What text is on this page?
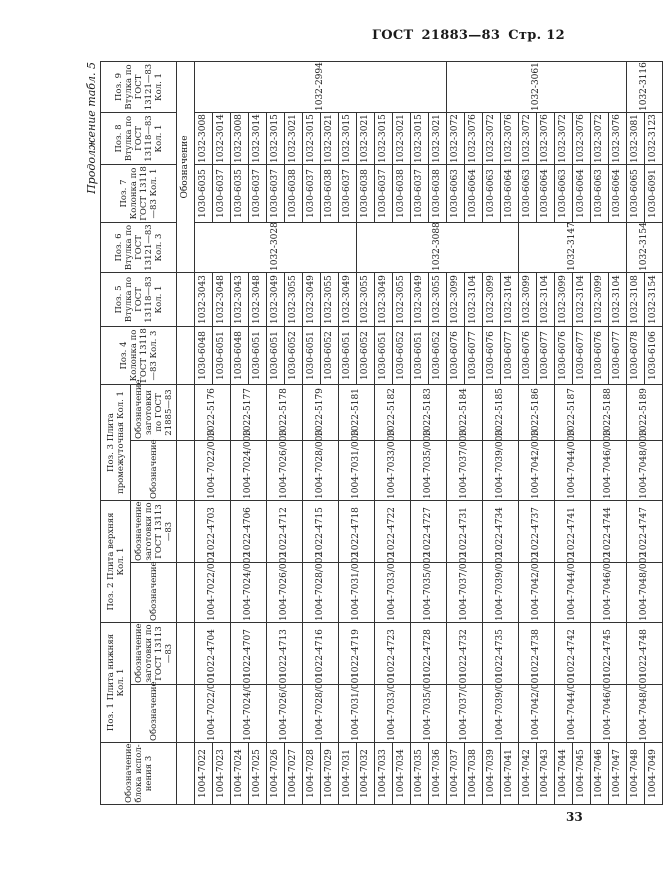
ГОСТ 21883—83 Стр. 12
Продолжение табл. 5
Обозначение блока испол-нения 3	Поз. 1 Плита нижняя Кол. 1		Поз. 2 Плита верхняя Кол. 1		Поз. 3 Плита промежуточная Кол. 1		Поз. 4 Колонка по ГОСТ 13118—83 Кол. 3	Поз. 5 Втулка по ГОСТ 13118—83 Кол. 1	Поз. 6 Втулка по ГОСТ 13121—83 Кол. 3	Поз. 7 Колонка по ГОСТ 13118—83 Кол. 1	Поз. 8 Втулка по ГОСТ 13118—83 Кол. 1	Поз. 9 Втулка по ГОСТ 13121—83 Кол. 1
	Обозначение	Обозначение заготовки по ГОСТ 13113—83	Обозначение	Обозначение заготовки по ГОСТ 13113—83	Обозначение	Обозначение заготовки по ГОСТ 21885—83						
									Обозначение			
1004-7022	1004-7022/001	1022-4704	1004-7022/002	1022-4703	1004-7022/003	1022-5176	1030-6048	1032-3043	1032-3028	1030-6035	1032-3008	1032-2994
1004-7023							1030-6051	1032-3048		1030-6037	1032-3014	
1004-7024	1004-7024/001	1022-4707	1004-7024/002	1022-4706	1004-7024/003	1022-5177	1030-6048	1032-3043		1030-6035	1032-3008	
1004-7025							1030-6051	1032-3048		1030-6037	1032-3014	
1004-7026	1004-7026/001	1022-4713	1004-7026/002	1022-4712	1004-7026/003	1022-5178	1030-6051	1032-3049		1030-6037	1032-3015	
1004-7027							1030-6052	1032-3055		1030-6038	1032-3021	
1004-7028	1004-7028/001	1022-4716	1004-7028/002	1022-4715	1004-7028/003	1022-5179	1030-6051	1032-3049		1030-6037	1032-3015	
1004-7029							1030-6052	1032-3055		1030-6038	1032-3021	
1004-7031	1004-7031/001	1022-4719	1004-7031/002	1022-4718	1004-7031/003	1022-5181	1030-6051	1032-3049		1030-6037	1032-3015	
1004-7032							1030-6052	1032-3055	1032-3088	1030-6038	1032-3021	
1004-7033	1004-7033/001	1022-4723	1004-7033/002	1022-4722	1004-7033/003	1022-5182	1030-6051	1032-3049		1030-6037	1032-3015	
1004-7034							1030-6052	1032-3055		1030-6038	1032-3021	
1004-7035	1004-7035/001	1022-4728	1004-7035/002	1022-4727	1004-7035/003	1022-5183	1030-6051	1032-3049		1030-6037	1032-3015	
1004-7036							1030-6052	1032-3055		1030-6038	1032-3021	
1004-7037	1004-7037/001	1022-4732	1004-7037/002	1022-4731	1004-7037/003	1022-5184	1030-6076	1032-3099		1030-6063	1032-3072	1032-3061
1004-7038							1030-6077	1032-3104		1030-6064	1032-3076	
1004-7039	1004-7039/001	1022-4735	1004-7039/002	1022-4734	1004-7039/003	1022-5185	1030-6076	1032-3099		1030-6063	1032-3072	
1004-7041							1030-6077	1032-3104		1030-6064	1032-3076	
1004-7042	1004-7042/001	1022-4738	1004-7042/002	1022-4737	1004-7042/003	1022-5186	1030-6076	1032-3099	1032-3147	1030-6063	1032-3072	
1004-7043							1030-6077	1032-3104		1030-6064	1032-3076	
1004-7044	1004-7044/001	1022-4742	1004-7044/002	1022-4741	1004-7044/003	1022-5187	1030-6076	1032-3099		1030-6063	1032-3072	
1004-7045							1030-6077	1032-3104		1030-6064	1032-3076	
1004-7046	1004-7046/001	1022-4745	1004-7046/002	1022-4744	1004-7046/003	1022-5188	1030-6076	1032-3099		1030-6063	1032-3072	
1004-7047							1030-6077	1032-3104		1030-6064	1032-3076	
1004-7048	1004-7048/001	1022-4748	1004-7048/002	1022-4747	1004-7048/003	1022-5189	1030-6078	1032-3108	1032-3154	1030-6065	1032-3081	1032-3116
1004-7049							1030-6106	1032-3154		1030-6091	1032-3123	
33
